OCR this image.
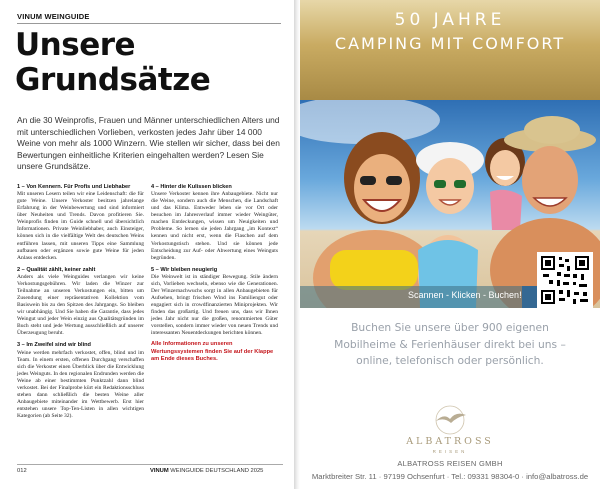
VINUM WEINGUIDE
Unsere
Grundsätze

An die 30 Weinprofis, Frauen und Männer unterschiedlichen Alters und mit unterschiedlichen Vorlieben, verkosten jedes Jahr über 14 000 Weine von mehr als 1000 Winzern. Wie stellen wir sicher, dass bei den Bewertungen einheitliche Kriterien eingehalten werden? Lesen Sie unsere Grundsätze.

1 – Von Kennern. Für Profis und Liebhaber

Mit unseren Lesern teilen wir eine Leidenschaft: die für gute Weine. Unsere Verkoster besitzen jahrelange Erfahrung in der Weinbewertung und sind informiert über Neuheiten und Trends. Davon profitieren Sie. Weinprofis finden im Guide schnell und übersichtlich Informationen. Private Weinliebhaber, auch Einsteiger, können sich in die vielfältige Welt des deutschen Weins entführen lassen, mit unseren Tipps eine Sammlung aufbauen oder ergänzen sowie gute Weine für jeden Anlass entdecken.

2 – Qualität zählt, keiner zahlt

Anders als viele Weinguides verlangen wir keine Verkostungsgebühren. Wir laden die Winzer zur Teilnahme an unseren Verkostungen ein, bitten um Zusendung einer repräsentativen Kollektion vom Basiswein bis zu den Spitzen des Jahrgangs. So bleiben wir unabhängig. Und Sie haben die Garantie, dass jedes Weingut und jeder Wein einzig aus Qualitätsgründen im Buch steht und jede Wertung ausschließlich auf unserer Überzeugung beruht.

3 – Im Zweifel sind wir blind

Weine werden mehrfach verkostet, offen, blind und im Team. In einem ersten, offenen Durchgang verschaffen sich die Verkoster einen Überblick über die Entwicklung jedes Weinguts. In den regionalen Endrunden werden die Weine ab einer bestimmten Punktzahl dann blind verkostet. Bei der Finalprobe kürt ein Redaktionsschluss stehen dann schließlich die besten Weine aller Anbaugebiete miteinander im Wettbewerb. Erst hier entstehen unsere Top-Ten-Listen in allen wichtigen Kategorien (ab Seite 32).

4 – Hinter die Kulissen blicken

Unsere Verkoster kennen ihre Anbaugebiete. Nicht nur die Weine, sondern auch die Menschen, die Landschaft und das Klima. Entweder leben sie vor Ort oder besuchen im Jahresverlauf immer wieder Weingüter, machen Entdeckungen, wissen um Neuigkeiten und Probleme. So lernen sie jeden Jahrgang „im Kontext“ kennen und nicht erst, wenn die Flaschen auf dem Verkostungstisch stehen. Und sie können jede Entscheidung zur Auf- oder Abwertung eines Weinguts begründen.

5 – Wir bleiben neugierig

Die Weinwelt ist in ständiger Bewegung. Stile ändern sich, Vorlieben wechseln, ebenso wie die Generationen. Der Winzernachwuchs sorgt in allen Anbaugebieten für Aufsehen, bringt frischen Wind ins Familiengut oder engagiert sich in crowdfinanzierten Miniprojekten. Wir finden das großartig. Und freuen uns, dass wir Ihnen jedes Jahr nicht nur die großen, renommierten Güter vorstellen, sondern immer wieder von neuen Trends und interessanten Neuentdeckungen berichten können.

Alle Informationen zu unseren Wertungssystemen finden Sie auf der Klappe am Ende dieses Buches.
012	VINUM WEINGUIDE DEUTSCHLAND 2025

50 JAHRE

CAMPING MIT COMFORT

Scannen - Klicken - Buchen!

Buchen Sie unsere über 900 eigenen Mobilheime & Ferienhäuser direkt bei uns – online, telefonisch oder persönlich.

ALBATROSS
REISEN
ALBATROSS REISEN GMBH
Marktbreiter Str. 11 · 97199 Ochsenfurt · Tel.: 09331 98304-0 · info@albatross.de
